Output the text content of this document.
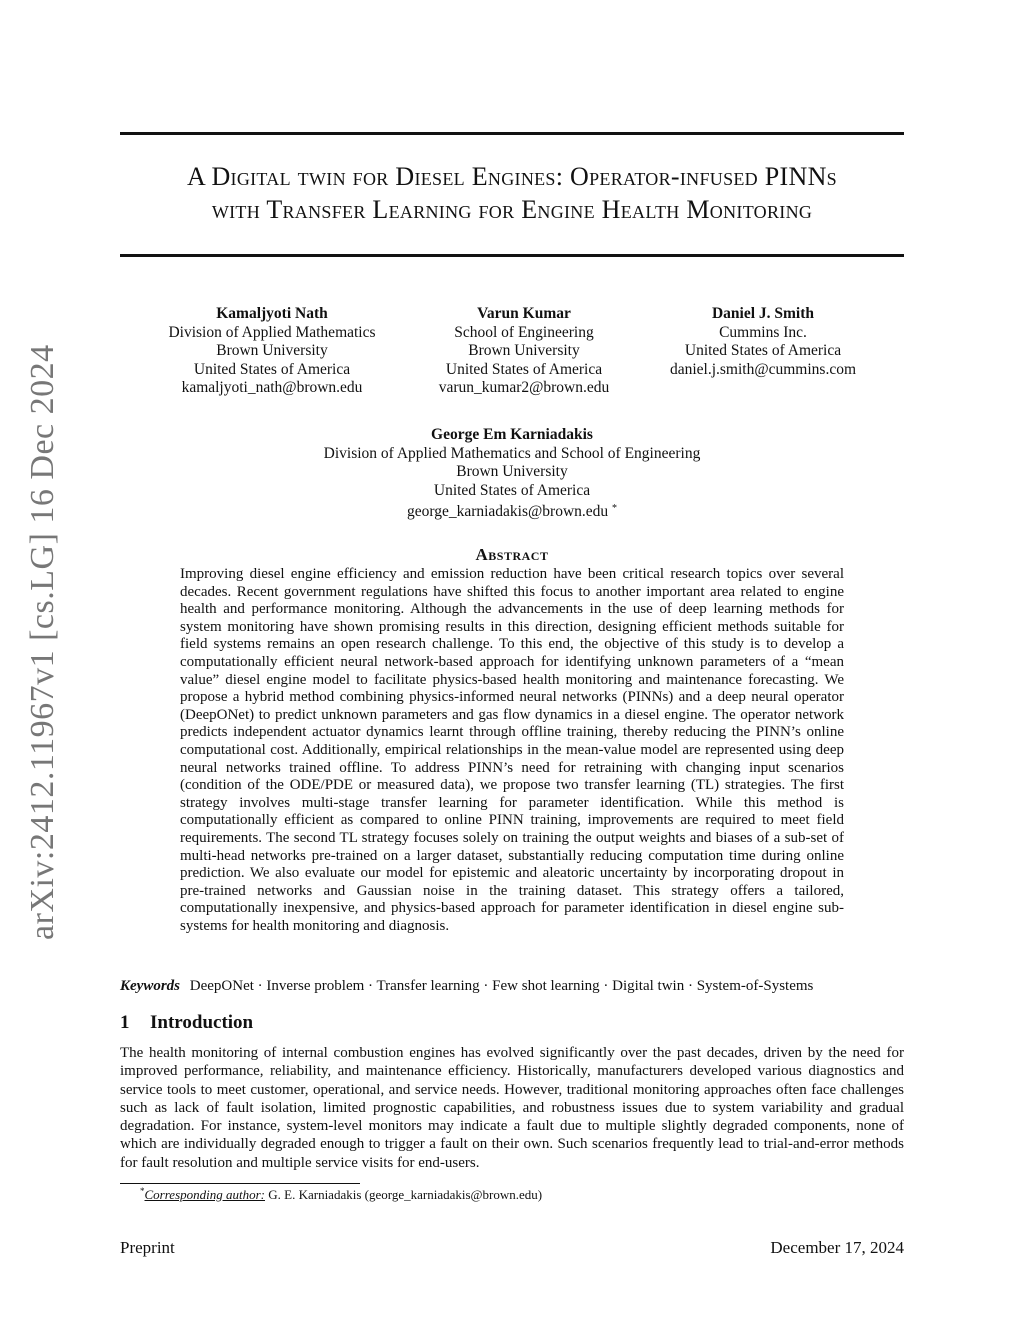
arXiv:2412.11967v1 [cs.LG] 16 Dec 2024
A Digital twin for Diesel Engines: Operator-infused PINNs
with Transfer Learning for Engine Health Monitoring
Kamaljyoti Nath
Division of Applied Mathematics
Brown University
United States of America
kamaljyoti_nath@brown.edu
Varun Kumar
School of Engineering
Brown University
United States of America
varun_kumar2@brown.edu
Daniel J. Smith
Cummins Inc.
United States of America
daniel.j.smith@cummins.com
George Em Karniadakis
Division of Applied Mathematics and School of Engineering
Brown University
United States of America
george_karniadakis@brown.edu *
Abstract
Improving diesel engine efficiency and emission reduction have been critical research topics over several decades. Recent government regulations have shifted this focus to another important area related to engine health and performance monitoring. Although the advancements in the use of deep learning methods for system monitoring have shown promising results in this direction, designing efficient methods suitable for field systems remains an open research challenge. To this end, the objective of this study is to develop a computationally efficient neural network-based approach for identifying unknown parameters of a “mean value” diesel engine model to facilitate physics-based health monitoring and maintenance forecasting. We propose a hybrid method combining physics-informed neural networks (PINNs) and a deep neural operator (DeepONet) to predict unknown parameters and gas flow dynamics in a diesel engine. The operator network predicts independent actuator dynamics learnt through offline training, thereby reducing the PINN’s online computational cost. Additionally, empirical relationships in the mean-value model are represented using deep neural networks trained offline. To address PINN’s need for retraining with changing input scenarios (condition of the ODE/PDE or measured data), we propose two transfer learning (TL) strategies. The first strategy involves multi-stage transfer learning for parameter identification. While this method is computationally efficient as compared to online PINN training, improvements are required to meet field requirements. The second TL strategy focuses solely on training the output weights and biases of a sub-set of multi-head networks pre-trained on a larger dataset, substantially reducing computation time during online prediction. We also evaluate our model for epistemic and aleatoric uncertainty by incorporating dropout in pre-trained networks and Gaussian noise in the training dataset. This strategy offers a tailored, computationally inexpensive, and physics-based approach for parameter identification in diesel engine sub-systems for health monitoring and diagnosis.
Keywords DeepONet · Inverse problem · Transfer learning · Few shot learning · Digital twin · System-of-Systems
1 Introduction
The health monitoring of internal combustion engines has evolved significantly over the past decades, driven by the need for improved performance, reliability, and maintenance efficiency. Historically, manufacturers developed various diagnostics and service tools to meet customer, operational, and service needs. However, traditional monitoring approaches often face challenges such as lack of fault isolation, limited prognostic capabilities, and robustness issues due to system variability and gradual degradation. For instance, system-level monitors may indicate a fault due to multiple slightly degraded components, none of which are individually degraded enough to trigger a fault on their own. Such scenarios frequently lead to trial-and-error methods for fault resolution and multiple service visits for end-users.
*Corresponding author: G. E. Karniadakis (george_karniadakis@brown.edu)
Preprint	December 17, 2024
